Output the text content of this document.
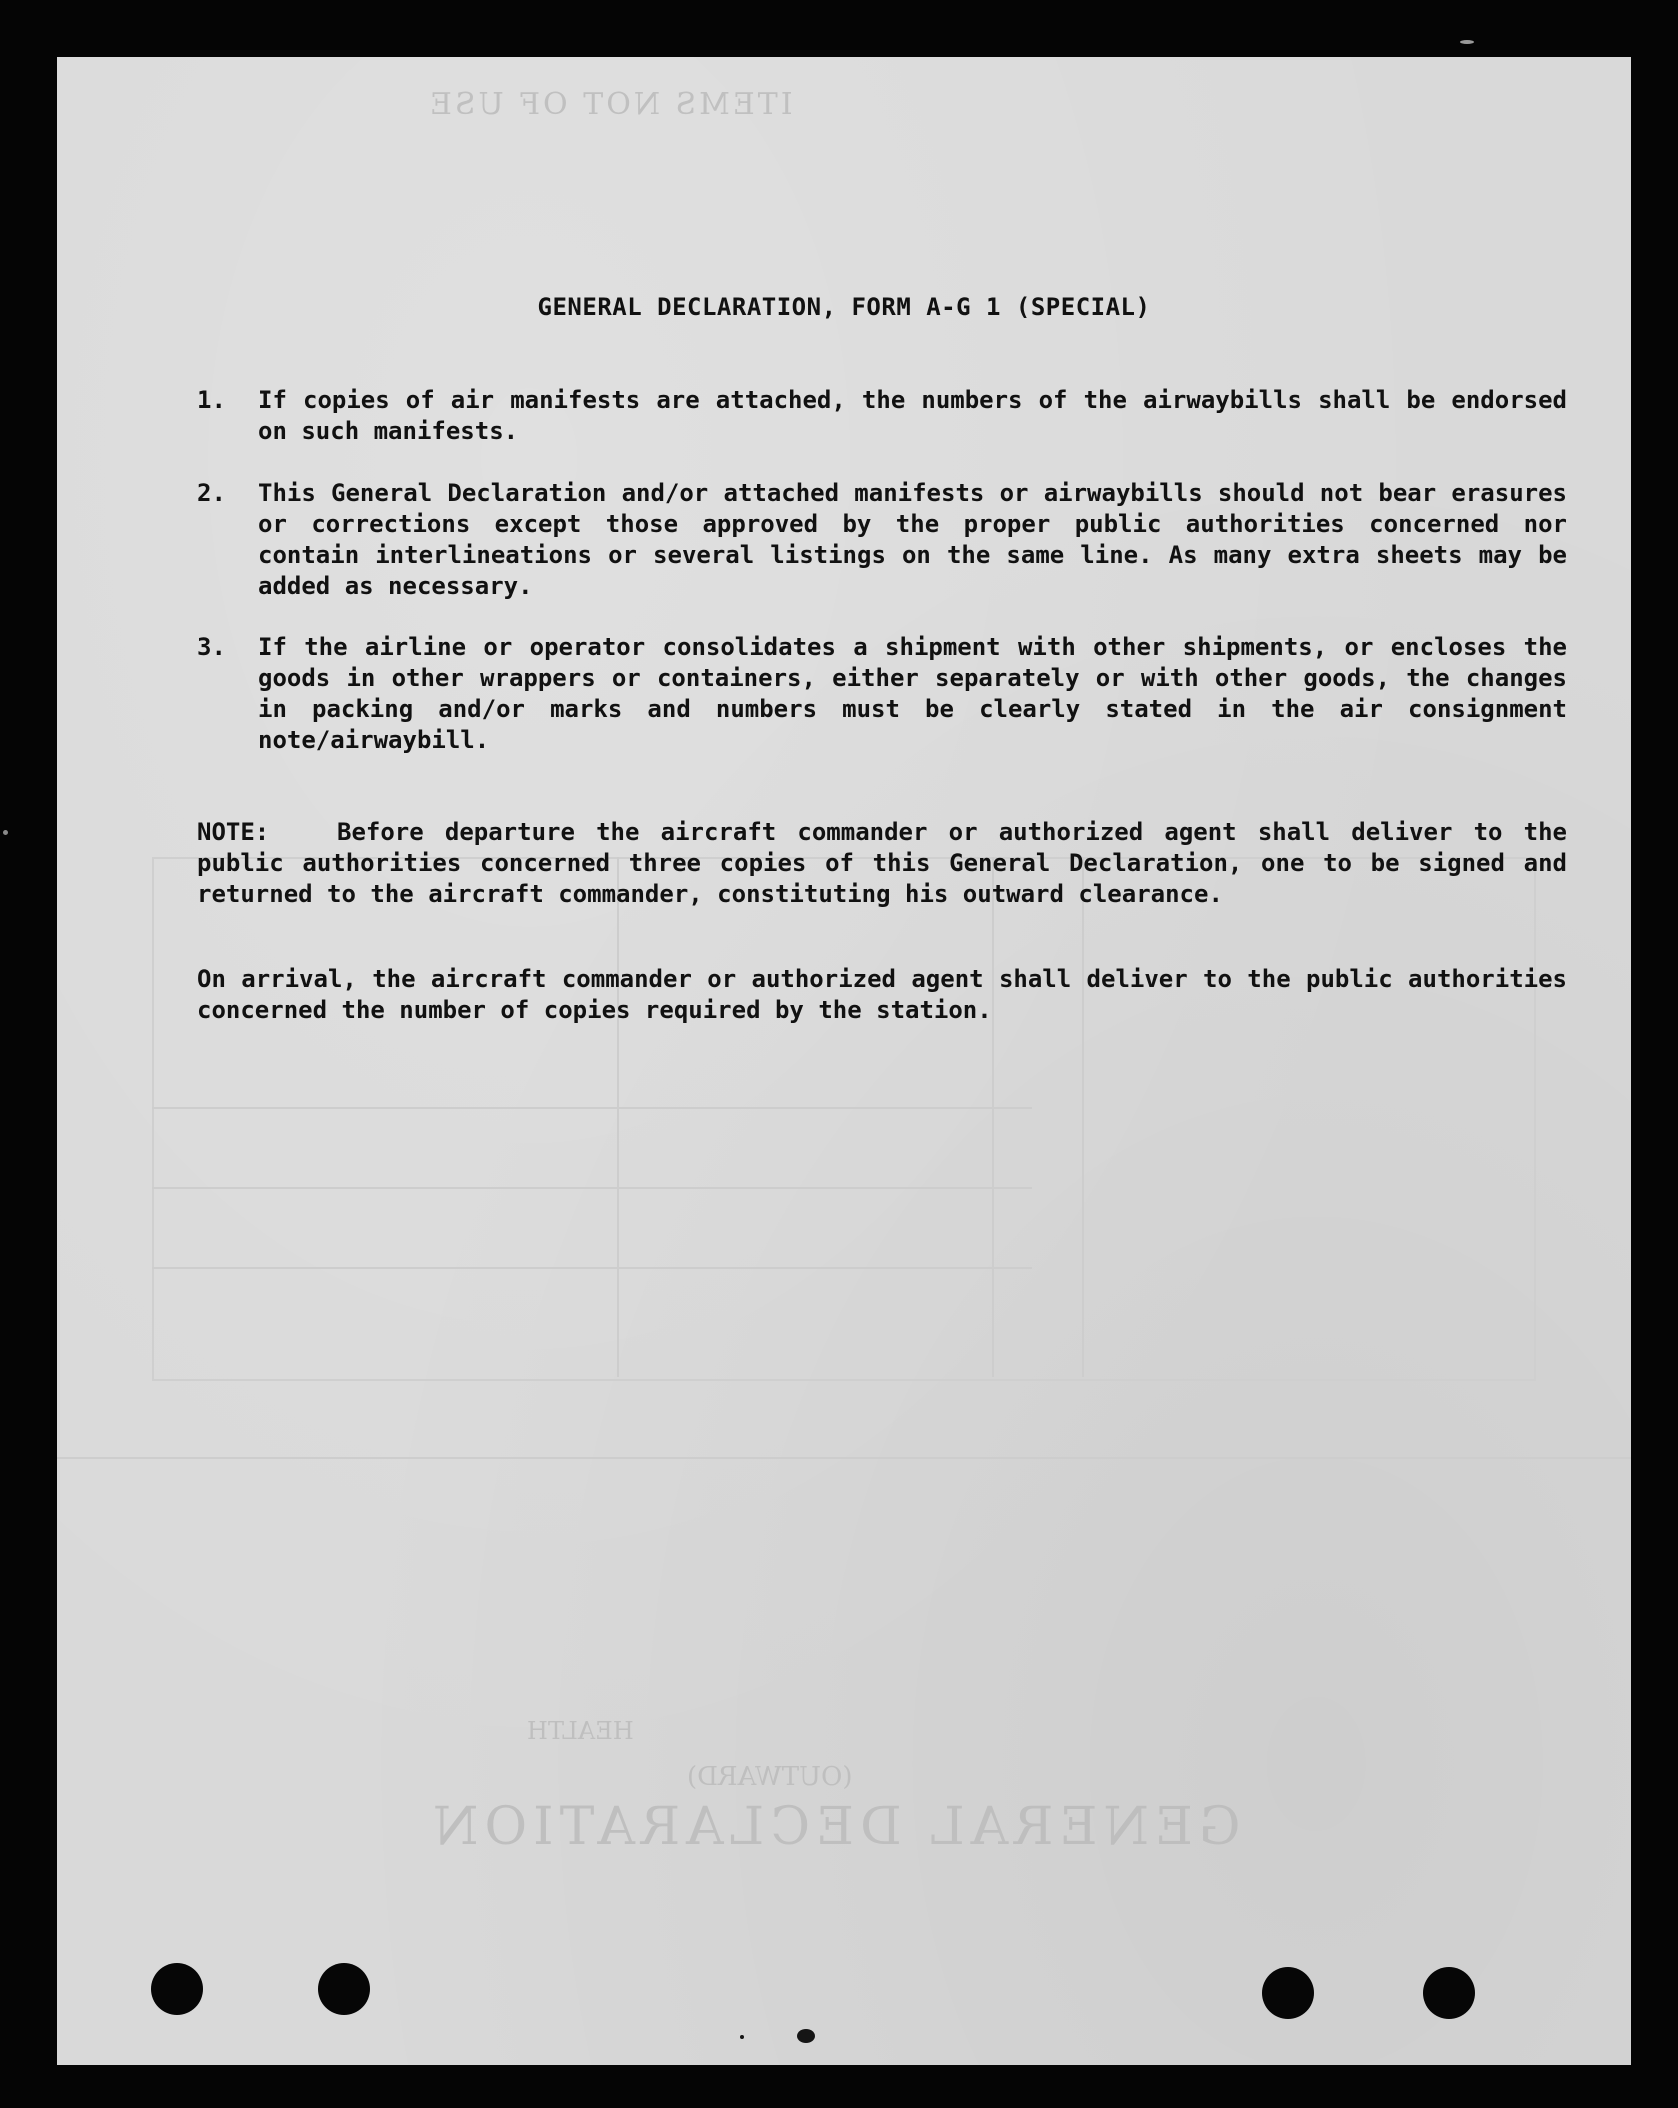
GENERAL DECLARATION
(OUTWARD)
HEALTH
ITEMS NOT OF USE
GENERAL DECLARATION, FORM A-G 1 (SPECIAL)
1.	If copies of air manifests are attached, the numbers of the airwaybills shall be endorsed on such manifests.
2.	This General Declaration and/or attached manifests or airwaybills should not bear erasures or corrections except those approved by the proper public authorities concerned nor contain interlineations or several listings on the same line. As many extra sheets may be added as necessary.
3.	If the airline or operator consolidates a shipment with other shipments, or encloses the goods in other wrappers or containers, either separately or with other goods, the changes in packing and/or marks and numbers must be clearly stated in the air consignment note/airwaybill.
NOTE:	Before departure the aircraft commander or authorized agent shall deliver to the public authorities concerned three copies of this General Declaration, one to be signed and returned to the aircraft commander, constituting his outward clearance.
On arrival, the aircraft commander or authorized agent shall deliver to the public authorities concerned the number of copies required by the station.
